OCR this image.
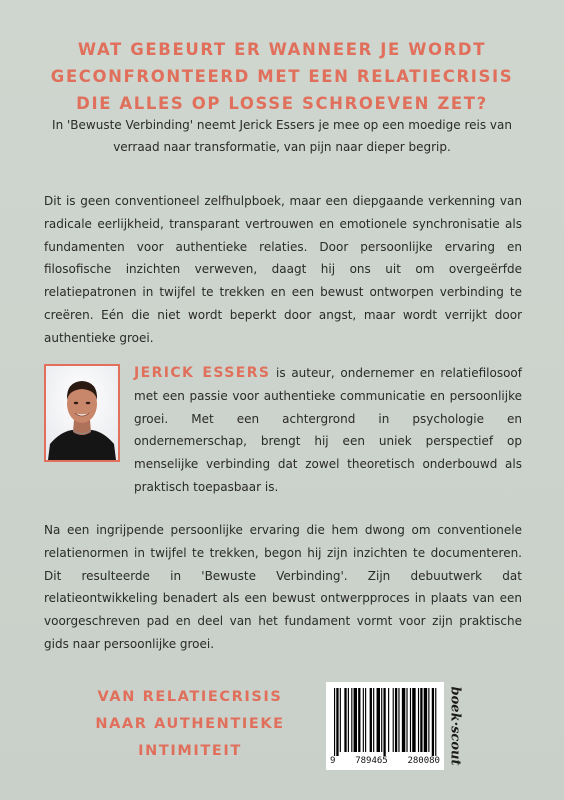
WAT GEBEURT ER WANNEER JE WORDT
GECONFRONTEERD MET EEN RELATIECRISIS
DIE ALLES OP LOSSE SCHROEVEN ZET?
In 'Bewuste Verbinding' neemt Jerick Essers je mee op een moedige reis van
verraad naar transformatie, van pijn naar dieper begrip.
Dit is geen conventioneel zelfhulpboek, maar een diepgaande verkenning van radicale eerlijkheid, transparant vertrouwen en emotionele synchronisatie als fundamenten voor authentieke relaties. Door persoonlijke ervaring en filosofische inzichten verweven, daagt hij ons uit om overgeërfde relatiepatronen in twijfel te trekken en een bewust ontworpen verbinding te creëren. Eén die niet wordt beperkt door angst, maar wordt verrijkt door authentieke groei.
JERICK ESSERS is auteur, ondernemer en relatiefilosoof met een passie voor authentieke communicatie en persoonlijke groei. Met een achtergrond in psychologie en ondernemerschap, brengt hij een uniek perspectief op menselijke verbinding dat zowel theoretisch onderbouwd als praktisch toepasbaar is.
Na een ingrijpende persoonlijke ervaring die hem dwong om conventionele relatienormen in twijfel te trekken, begon hij zijn inzichten te documenteren. Dit resulteerde in 'Bewuste Verbinding'. Zijn debuutwerk dat relatieontwikkeling benadert als een bewust ontwerpproces in plaats van een voorgeschreven pad en deel van het fundament vormt voor zijn praktische gids naar persoonlijke groei.
VAN RELATIECRISIS
NAAR AUTHENTIEKE
INTIMITEIT
9 789465 280080 boek·scout
